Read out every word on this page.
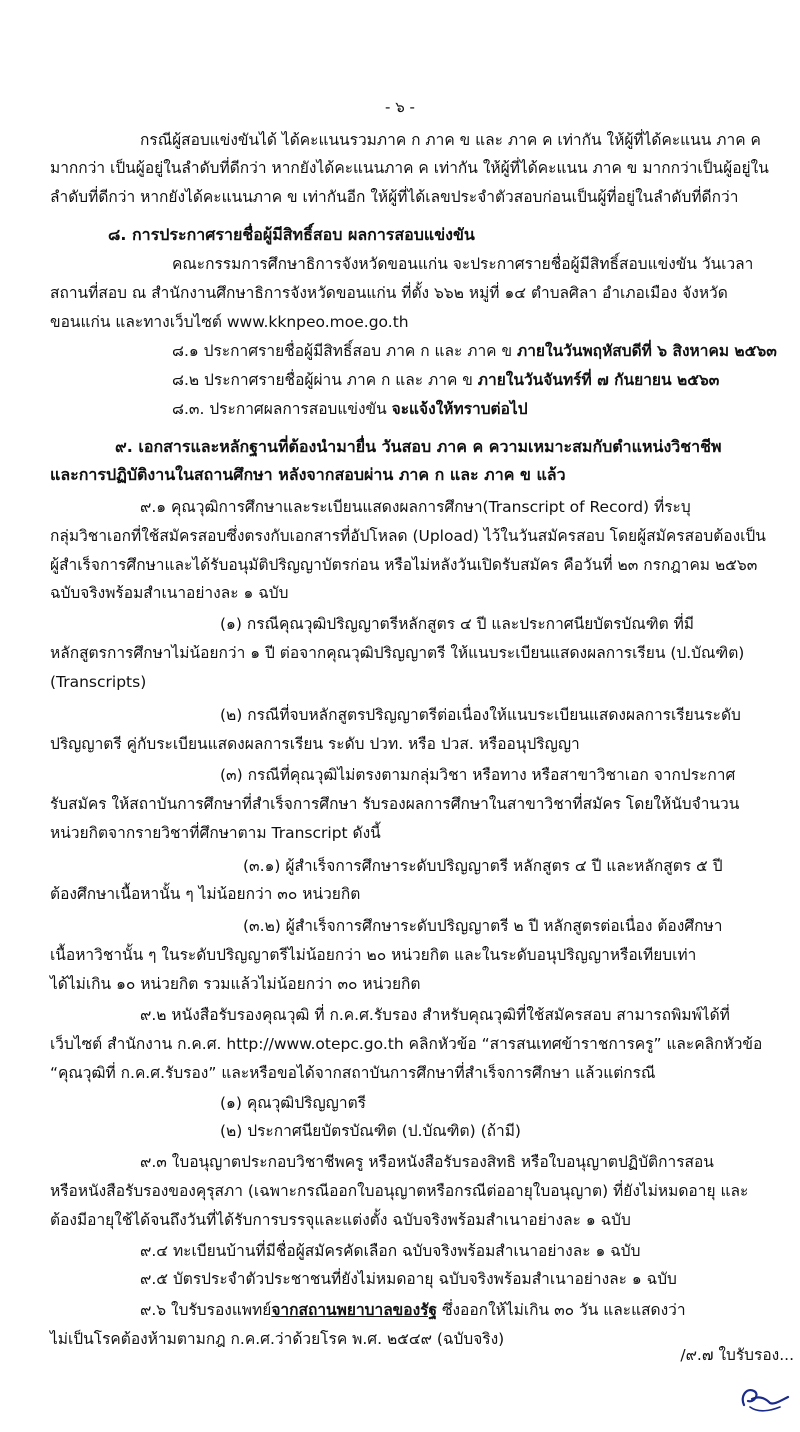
- ๖ -
กรณีผู้สอบแข่งขันได้ ได้คะแนนรวมภาค ก ภาค ข และ ภาค ค เท่ากัน ให้ผู้ที่ได้คะแนน ภาค ค
มากกว่า เป็นผู้อยู่ในลำดับที่ดีกว่า หากยังได้คะแนนภาค ค เท่ากัน ให้ผู้ที่ได้คะแนน ภาค ข มากกว่าเป็นผู้อยู่ใน
ลำดับที่ดีกว่า หากยังได้คะแนนภาค ข เท่ากันอีก ให้ผู้ที่ได้เลขประจำตัวสอบก่อนเป็นผู้ที่อยู่ในลำดับที่ดีกว่า
๘. การประกาศรายชื่อผู้มีสิทธิ์สอบ ผลการสอบแข่งขัน
คณะกรรมการศึกษาธิการจังหวัดขอนแก่น จะประกาศรายชื่อผู้มีสิทธิ์สอบแข่งขัน วันเวลา
สถานที่สอบ ณ สำนักงานศึกษาธิการจังหวัดขอนแก่น ที่ตั้ง ๖๖๒ หมู่ที่ ๑๔ ตำบลศิลา อำเภอเมือง จังหวัด
ขอนแก่น และทางเว็บไซต์ www.kknpeo.moe.go.th
๘.๑ ประกาศรายชื่อผู้มีสิทธิ์สอบ ภาค ก และ ภาค ข ภายในวันพฤหัสบดีที่ ๖ สิงหาคม ๒๕๖๓
๘.๒ ประกาศรายชื่อผู้ผ่าน ภาค ก และ ภาค ข ภายในวันจันทร์ที่ ๗ กันยายน ๒๕๖๓
๘.๓. ประกาศผลการสอบแข่งขัน จะแจ้งให้ทราบต่อไป
๙. เอกสารและหลักฐานที่ต้องนำมายื่น วันสอบ ภาค ค ความเหมาะสมกับตำแหน่งวิชาชีพ
และการปฏิบัติงานในสถานศึกษา หลังจากสอบผ่าน ภาค ก และ ภาค ข แล้ว
๙.๑ คุณวุฒิการศึกษาและระเบียนแสดงผลการศึกษา(Transcript of Record) ที่ระบุ
กลุ่มวิชาเอกที่ใช้สมัครสอบซึ่งตรงกับเอกสารที่อัปโหลด (Upload) ไว้ในวันสมัครสอบ โดยผู้สมัครสอบต้องเป็น
ผู้สำเร็จการศึกษาและได้รับอนุมัติปริญญาบัตรก่อน หรือไม่หลังวันเปิดรับสมัคร คือวันที่ ๒๓ กรกฎาคม ๒๕๖๓
ฉบับจริงพร้อมสำเนาอย่างละ ๑ ฉบับ
(๑) กรณีคุณวุฒิปริญญาตรีหลักสูตร ๔ ปี และประกาศนียบัตรบัณฑิต ที่มี
หลักสูตรการศึกษาไม่น้อยกว่า ๑ ปี ต่อจากคุณวุฒิปริญญาตรี ให้แนบระเบียนแสดงผลการเรียน (ป.บัณฑิต)
(Transcripts)
(๒) กรณีที่จบหลักสูตรปริญญาตรีต่อเนื่องให้แนบระเบียนแสดงผลการเรียนระดับ
ปริญญาตรี คู่กับระเบียนแสดงผลการเรียน ระดับ ปวท. หรือ ปวส. หรืออนุปริญญา
(๓) กรณีที่คุณวุฒิไม่ตรงตามกลุ่มวิชา หรือทาง หรือสาขาวิชาเอก จากประกาศ
รับสมัคร ให้สถาบันการศึกษาที่สำเร็จการศึกษา รับรองผลการศึกษาในสาขาวิชาที่สมัคร โดยให้นับจำนวน
หน่วยกิตจากรายวิชาที่ศึกษาตาม Transcript ดังนี้
(๓.๑) ผู้สำเร็จการศึกษาระดับปริญญาตรี หลักสูตร ๔ ปี และหลักสูตร ๕ ปี
ต้องศึกษาเนื้อหานั้น ๆ ไม่น้อยกว่า ๓๐ หน่วยกิต
(๓.๒) ผู้สำเร็จการศึกษาระดับปริญญาตรี ๒ ปี หลักสูตรต่อเนื่อง ต้องศึกษา
เนื้อหาวิชานั้น ๆ ในระดับปริญญาตรีไม่น้อยกว่า ๒๐ หน่วยกิต และในระดับอนุปริญญาหรือเทียบเท่า
ได้ไม่เกิน ๑๐ หน่วยกิต รวมแล้วไม่น้อยกว่า ๓๐ หน่วยกิต
๙.๒ หนังสือรับรองคุณวุฒิ ที่ ก.ค.ศ.รับรอง สำหรับคุณวุฒิที่ใช้สมัครสอบ สามารถพิมพ์ได้ที่
เว็บไซต์ สำนักงาน ก.ค.ศ. http://www.otepc.go.th คลิกหัวข้อ “สารสนเทศข้าราชการครู” และคลิกหัวข้อ
“คุณวุฒิที่ ก.ค.ศ.รับรอง” และหรือขอได้จากสถาบันการศึกษาที่สำเร็จการศึกษา แล้วแต่กรณี
(๑) คุณวุฒิปริญญาตรี
(๒) ประกาศนียบัตรบัณฑิต (ป.บัณฑิต) (ถ้ามี)
๙.๓ ใบอนุญาตประกอบวิชาชีพครู หรือหนังสือรับรองสิทธิ หรือใบอนุญาตปฏิบัติการสอน
หรือหนังสือรับรองของคุรุสภา (เฉพาะกรณีออกใบอนุญาตหรือกรณีต่ออายุใบอนุญาต) ที่ยังไม่หมดอายุ และ
ต้องมีอายุใช้ได้จนถึงวันที่ได้รับการบรรจุและแต่งตั้ง ฉบับจริงพร้อมสำเนาอย่างละ ๑ ฉบับ
๙.๔ ทะเบียนบ้านที่มีชื่อผู้สมัครคัดเลือก ฉบับจริงพร้อมสำเนาอย่างละ ๑ ฉบับ
๙.๕ บัตรประจำตัวประชาชนที่ยังไม่หมดอายุ ฉบับจริงพร้อมสำเนาอย่างละ ๑ ฉบับ
๙.๖ ใบรับรองแพทย์จากสถานพยาบาลของรัฐ ซึ่งออกให้ไม่เกิน ๓๐ วัน และแสดงว่า
ไม่เป็นโรคต้องห้ามตามกฎ ก.ค.ศ.ว่าด้วยโรค พ.ศ. ๒๕๔๙ (ฉบับจริง)
/๙.๗ ใบรับรอง...
